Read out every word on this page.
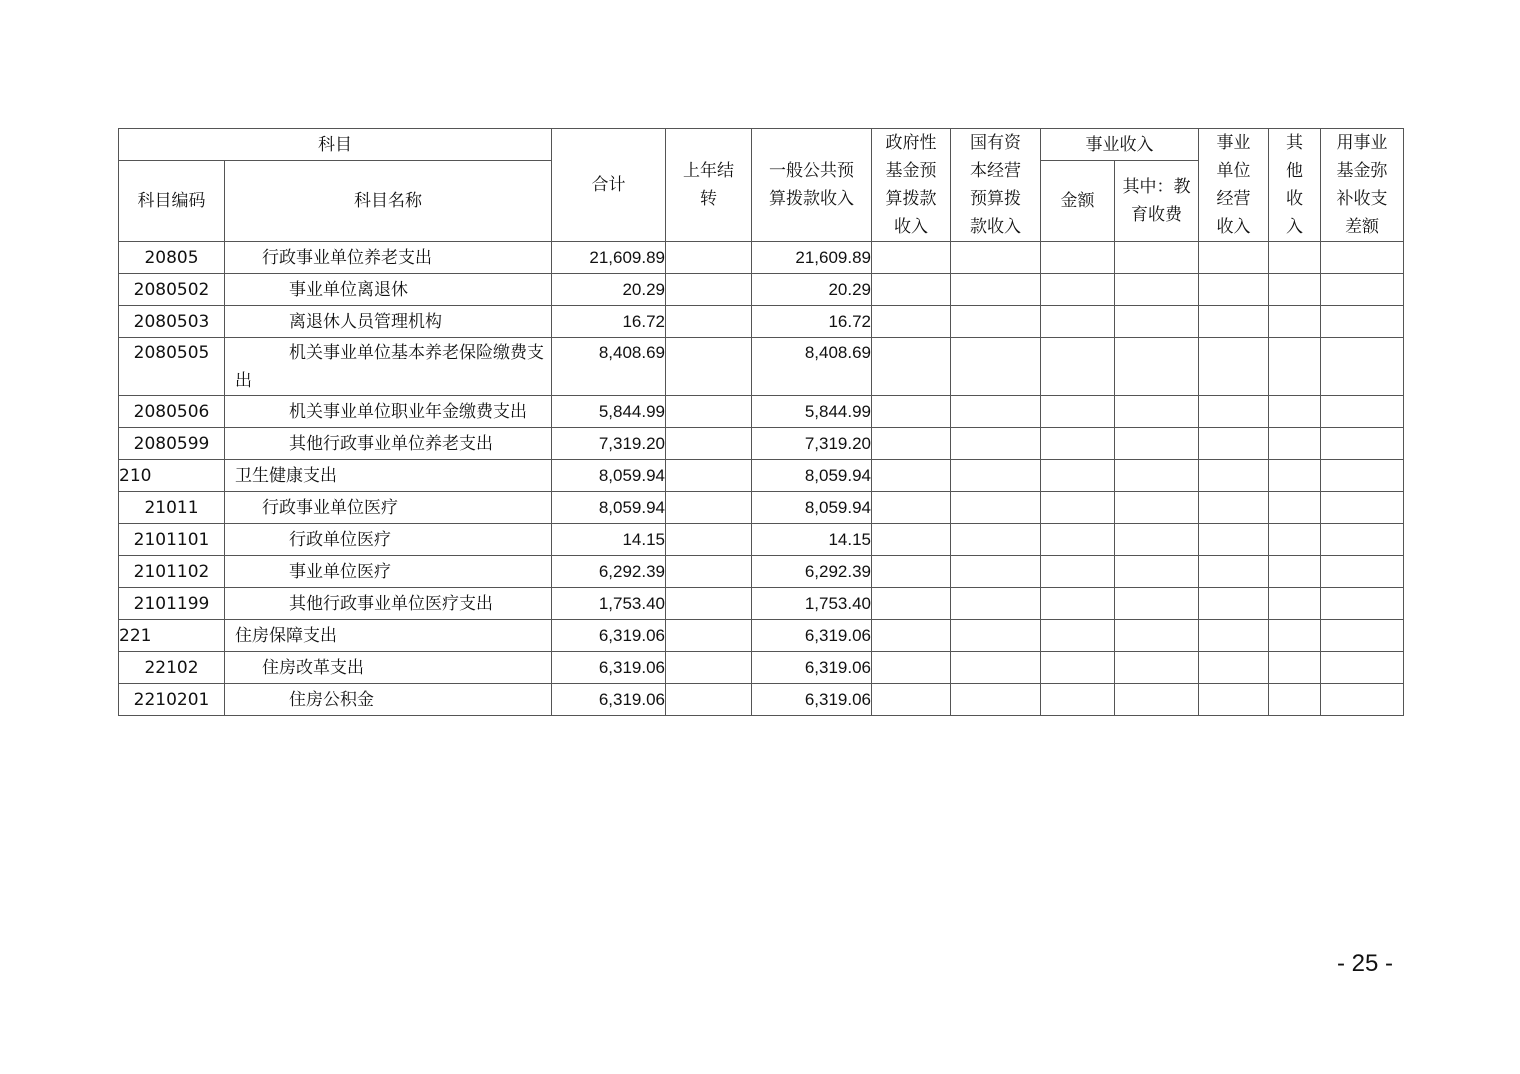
科目		合计	上年结转	一般公共预算拨款收入	政府性基金预算拨款收入	国有资本经营预算拨款收入	事业收入		事业单位经营收入	其他收入	用事业基金弥补收支差额

科目编码	科目名称						金额	其中：教育收费			

20805	行政事业单位养老支出	21,609.89		21,609.89							
2080502	事业单位离退休	20.29		20.29							
2080503	离退休人员管理机构	16.72		16.72							
2080505	机关事业单位基本养老保险缴费支出	8,408.69		8,408.69							
2080506	机关事业单位职业年金缴费支出	5,844.99		5,844.99							
2080599	其他行政事业单位养老支出	7,319.20		7,319.20							
210	卫生健康支出	8,059.94		8,059.94							
21011	行政事业单位医疗	8,059.94		8,059.94							
2101101	行政单位医疗	14.15		14.15							
2101102	事业单位医疗	6,292.39		6,292.39							
2101199	其他行政事业单位医疗支出	1,753.40		1,753.40							
221	住房保障支出	6,319.06		6,319.06							
22102	住房改革支出	6,319.06		6,319.06							
2210201	住房公积金	6,319.06		6,319.06							
- 25 -
